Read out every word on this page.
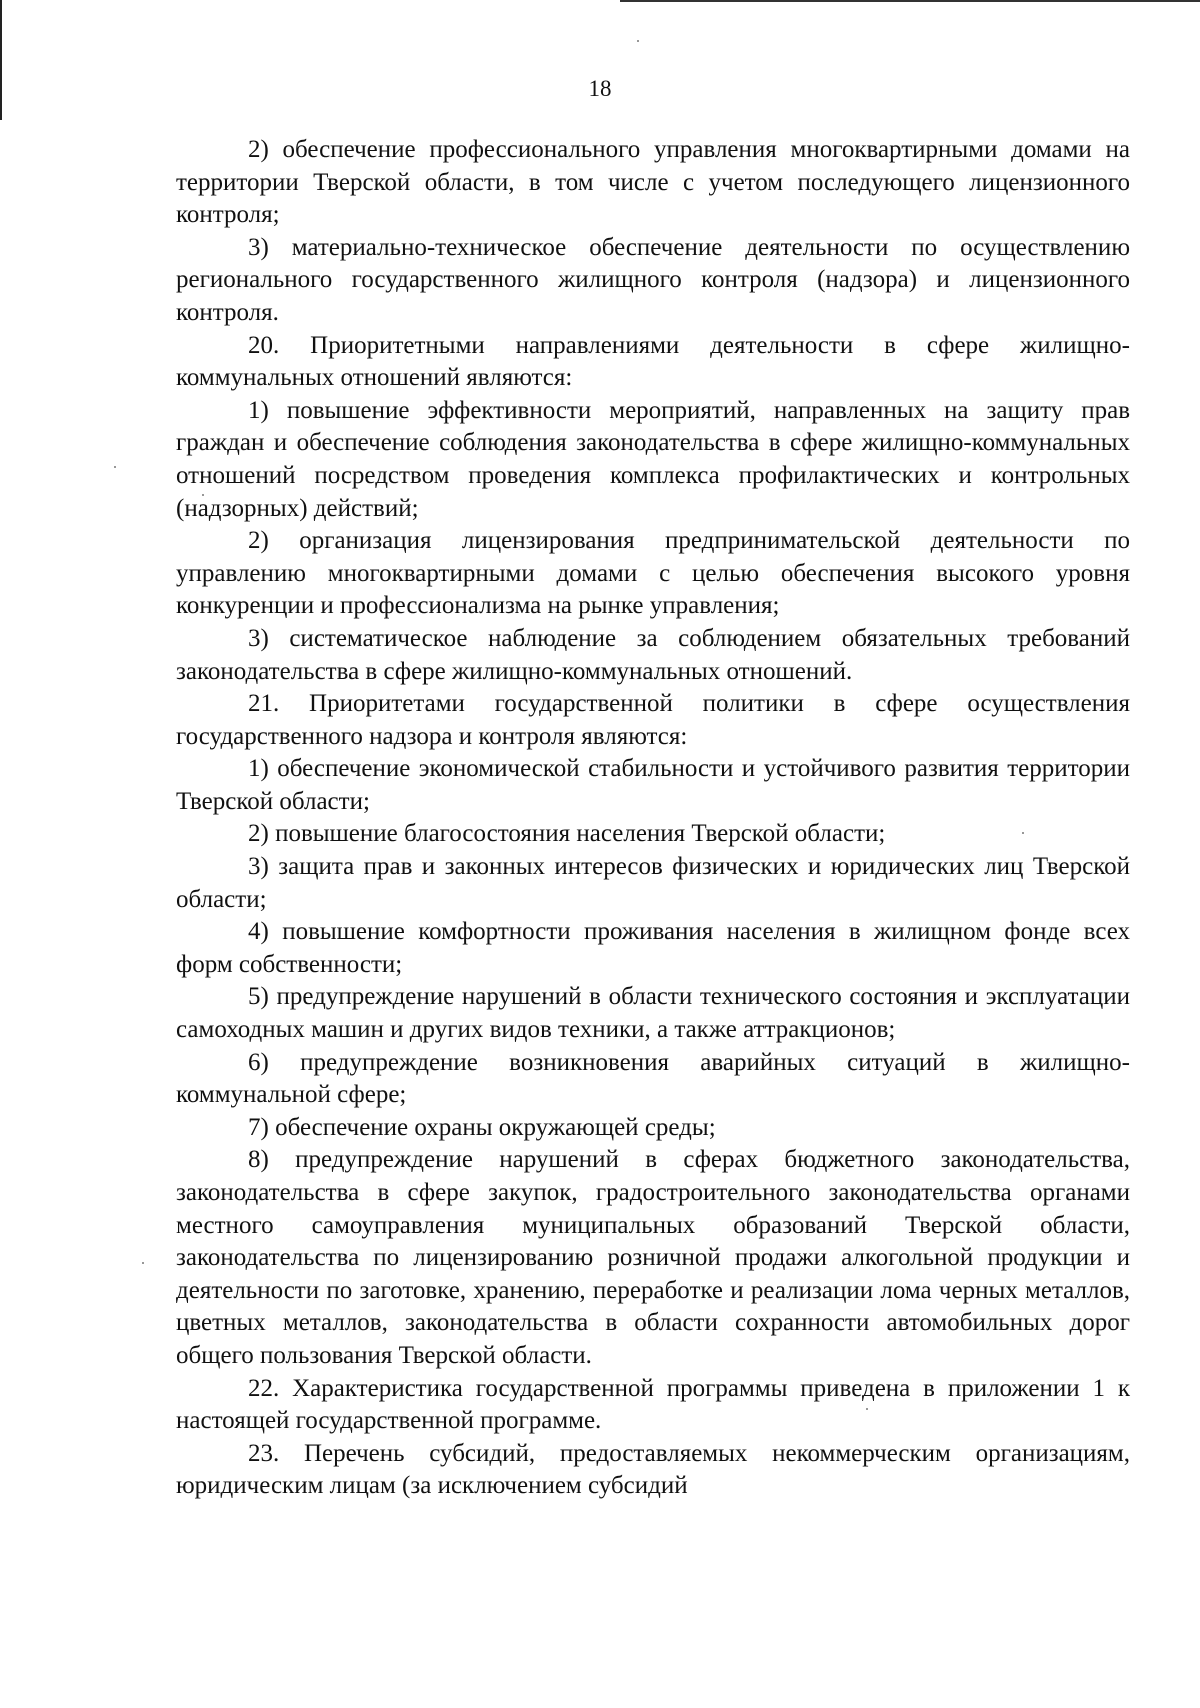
18

2) обеспечение профессионального управления многоквартирными домами на территории Тверской области, в том числе с учетом последующего лицензионного контроля;

3) материально-техническое обеспечение деятельности по осуществлению регионального государственного жилищного контроля (надзора) и лицензионного контроля.

20. Приоритетными направлениями деятельности в сфере жилищно-коммунальных отношений являются:

1) повышение эффективности мероприятий, направленных на защиту прав граждан и обеспечение соблюдения законодательства в сфере жилищно-коммунальных отношений посредством проведения комплекса профилактических и контрольных (надзорных) действий;

2) организация лицензирования предпринимательской деятельности по управлению многоквартирными домами с целью обеспечения высокого уровня конкуренции и профессионализма на рынке управления;

3) систематическое наблюдение за соблюдением обязательных требований законодательства в сфере жилищно-коммунальных отношений.

21. Приоритетами государственной политики в сфере осуществления государственного надзора и контроля являются:

1) обеспечение экономической стабильности и устойчивого развития территории Тверской области;

2) повышение благосостояния населения Тверской области;

3) защита прав и законных интересов физических и юридических лиц Тверской области;

4) повышение комфортности проживания населения в жилищном фонде всех форм собственности;

5) предупреждение нарушений в области технического состояния и эксплуатации самоходных машин и других видов техники, а также аттракционов;

6) предупреждение возникновения аварийных ситуаций в жилищно-коммунальной сфере;

7) обеспечение охраны окружающей среды;

8) предупреждение нарушений в сферах бюджетного законодательства, законодательства в сфере закупок, градостроительного законодательства органами местного самоуправления муниципальных образований Тверской области, законодательства по лицензированию розничной продажи алкогольной продукции и деятельности по заготовке, хранению, переработке и реализации лома черных металлов, цветных металлов, законодательства в области сохранности автомобильных дорог общего пользования Тверской области.

22. Характеристика государственной программы приведена в приложении 1 к настоящей государственной программе.

23. Перечень субсидий, предоставляемых некоммерческим организациям, юридическим лицам (за исключением субсидий
